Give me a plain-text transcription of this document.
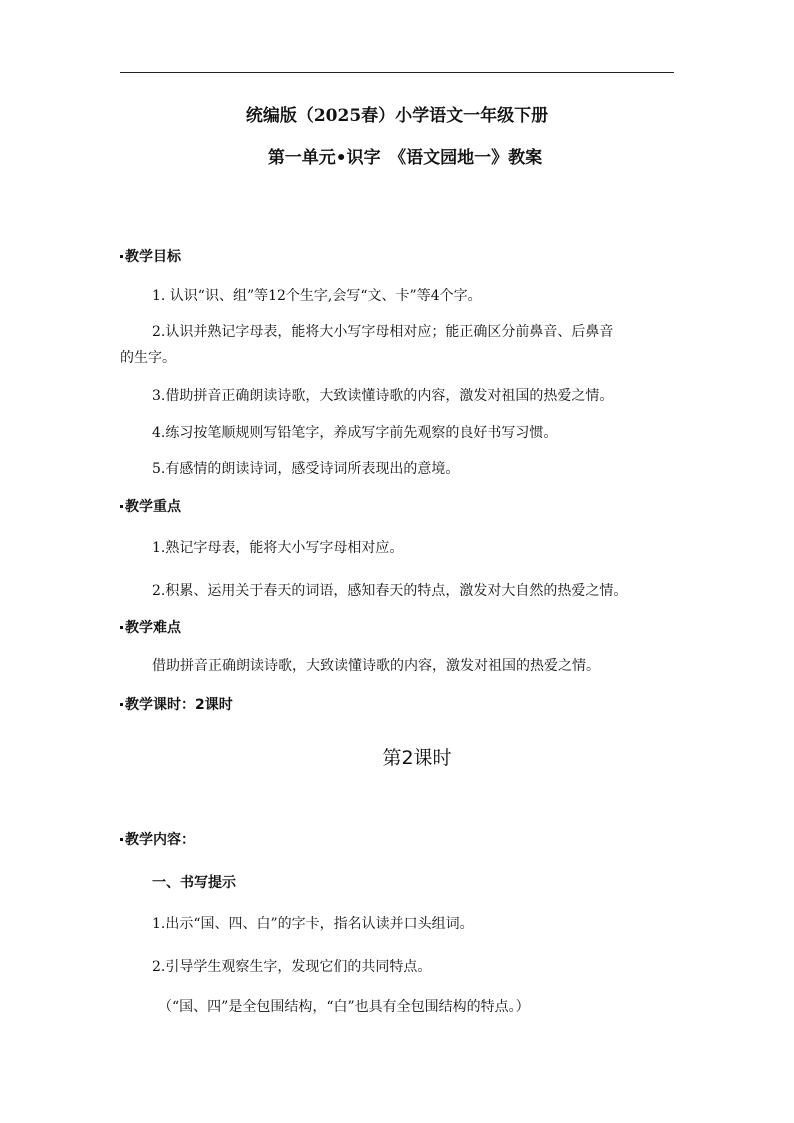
统编版（2025春）小学语文一年级下册
第一单元•识字　《语文园地一》教案
教学目标
1. 认识“识、组”等12个生字,会写“文、卡”等4个字。
2.认识并熟记字母表，能将大小写字母相对应；能正确区分前鼻音、后鼻音
的生字。
3.借助拼音正确朗读诗歌，大致读懂诗歌的内容，激发对祖国的热爱之情。
4.练习按笔顺规则写铅笔字，养成写字前先观察的良好书写习惯。
5.有感情的朗读诗词，感受诗词所表现出的意境。
教学重点
1.熟记字母表，能将大小写字母相对应。
2.积累、运用关于春天的词语，感知春天的特点，激发对大自然的热爱之情。
教学难点
借助拼音正确朗读诗歌，大致读懂诗歌的内容，激发对祖国的热爱之情。
教学课时：2课时
第2课时
教学内容：
一、书写提示
1.出示“国、四、白”的字卡，指名认读并口头组词。
2.引导学生观察生字，发现它们的共同特点。
（“国、四”是全包围结构，“白”也具有全包围结构的特点。）
